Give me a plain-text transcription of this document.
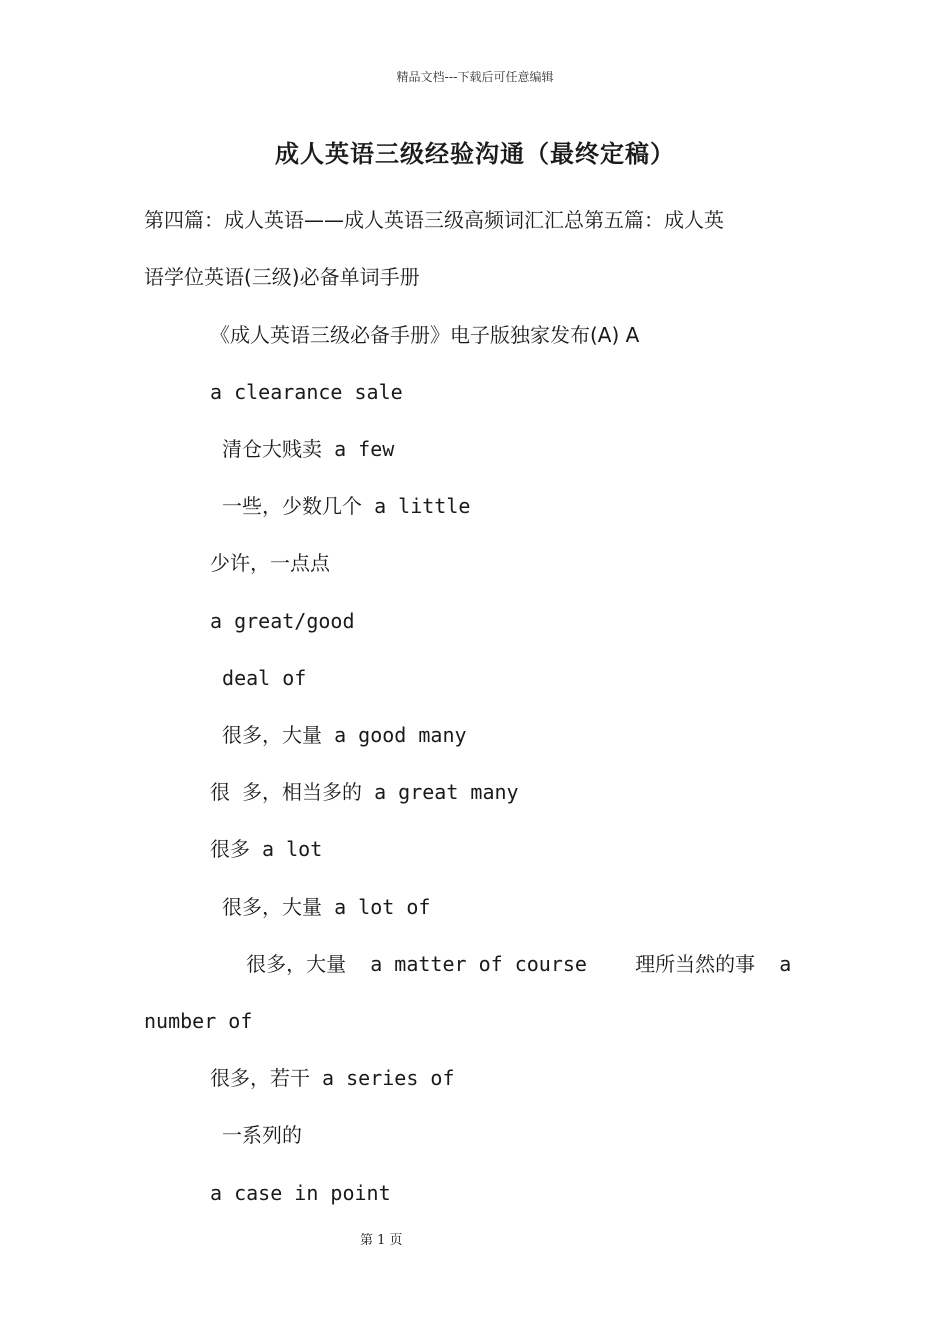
精品文档---下载后可任意编辑
成人英语三级经验沟通（最终定稿）
第四篇：成人英语——成人英语三级高频词汇汇总第五篇：成人英
语学位英语(三级)必备单词手册
《成人英语三级必备手册》电子版独家发布(A) A
a clearance sale
清仓大贱卖 a few
一些，少数几个 a little
少许，一点点
a great/good
deal of
很多，大量 a good many
很 多，相当多的 a great many
很多 a lot
很多，大量 a lot of
很多，大量  a matter of course    理所当然的事  a
number of
很多，若干 a series of
一系列的
a case in point
第 1 页
